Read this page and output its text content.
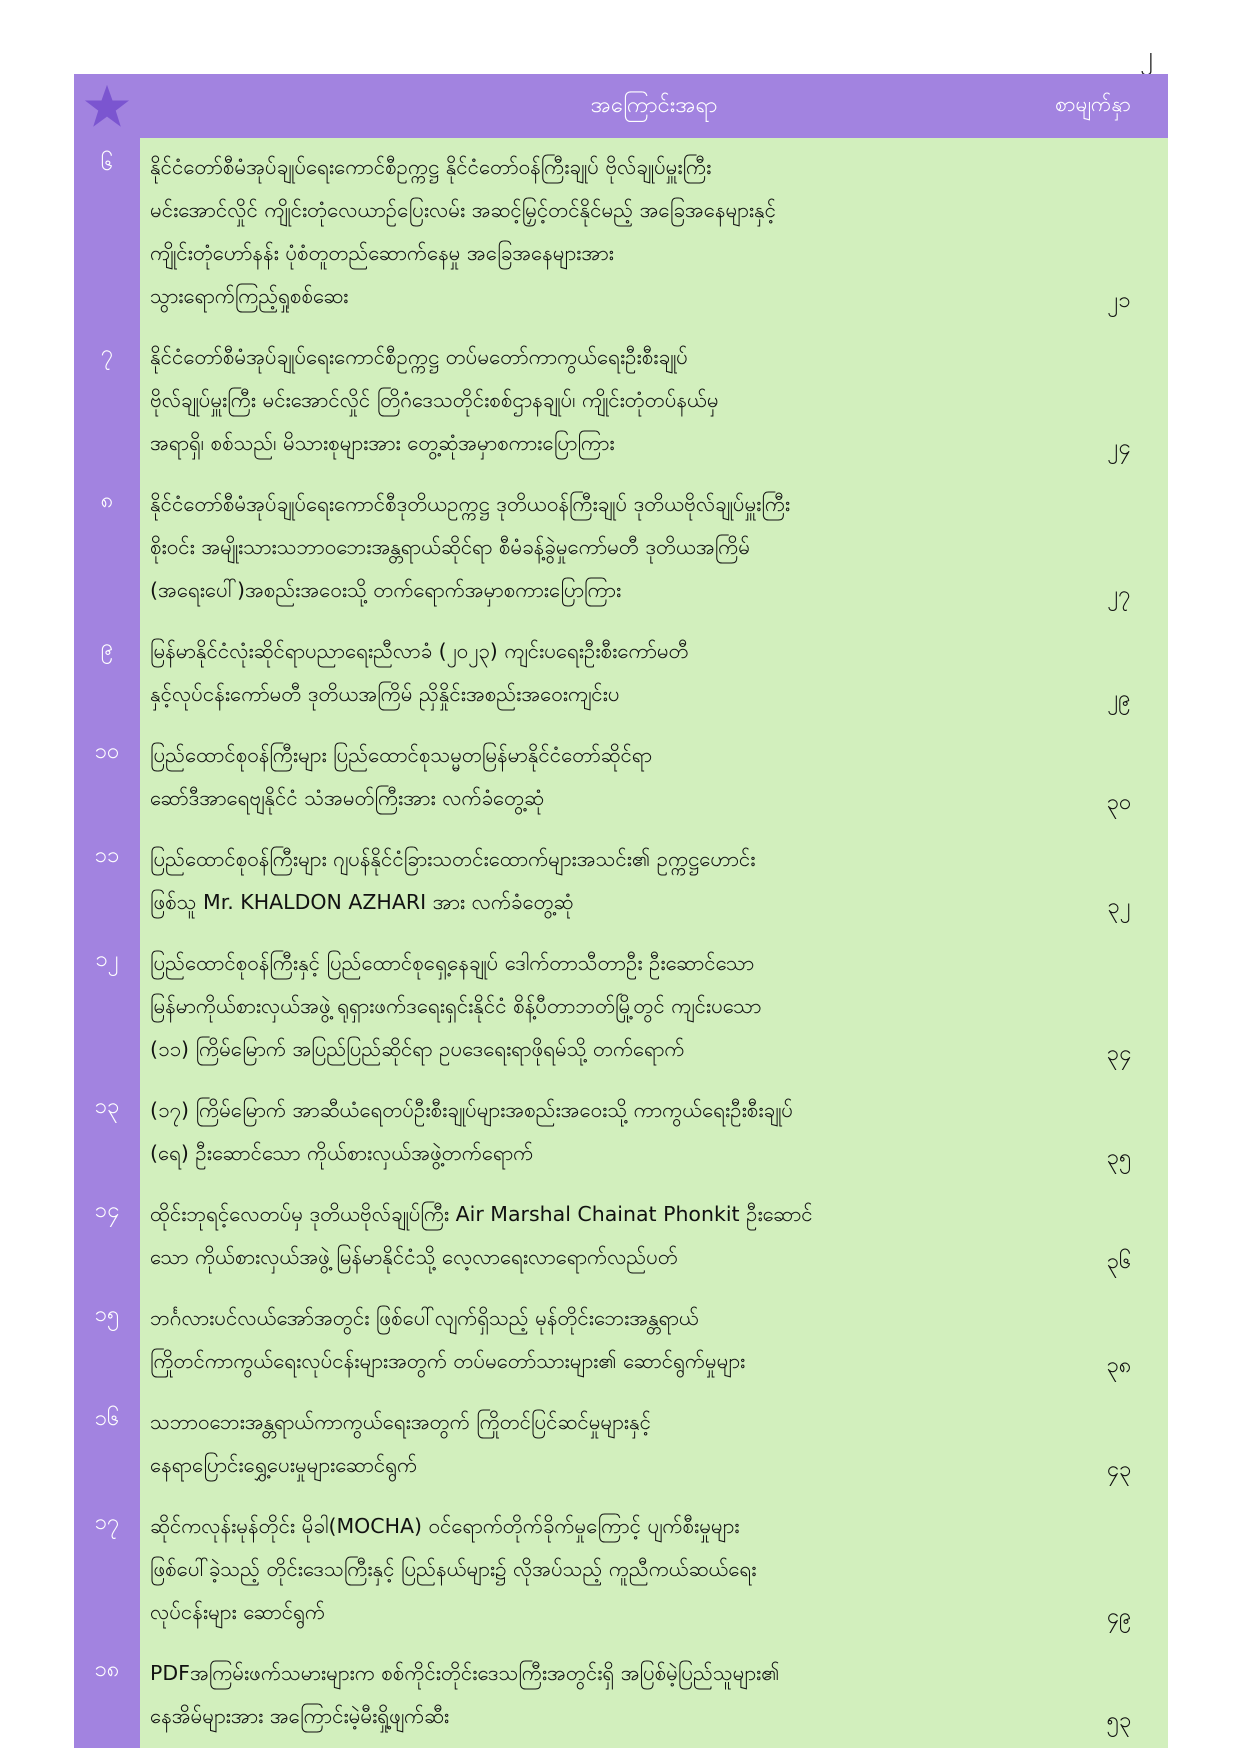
၂
အကြောင်းအရာ	စာမျက်နှာ
၆	နိုင်ငံတော်စီမံအုပ်ချုပ်ရေးကောင်စီဥက္ကဋ္ဌ နိုင်ငံတော်ဝန်ကြီးချုပ် ဗိုလ်ချုပ်မှူးကြီး
မင်းအောင်လှိုင် ကျိုင်းတုံလေယာဉ်ပြေးလမ်း အဆင့်မြှင့်တင်နိုင်မည့် အခြေအနေများနှင့်
ကျိုင်းတုံဟော်နန်း ပုံစံတူတည်ဆောက်နေမှု အခြေအနေများအား
သွားရောက်ကြည့်ရှုစစ်ဆေး	၂၁
၇	နိုင်ငံတော်စီမံအုပ်ချုပ်ရေးကောင်စီဥက္ကဋ္ဌ တပ်မတော်ကာကွယ်ရေးဦးစီးချုပ်
ဗိုလ်ချုပ်မှူးကြီး မင်းအောင်လှိုင် တြိဂံဒေသတိုင်းစစ်ဌာနချုပ်၊ ကျိုင်းတုံတပ်နယ်မှ
အရာရှိ၊ စစ်သည်၊ မိသားစုများအား တွေ့ဆုံအမှာစကားပြောကြား	၂၄
၈	နိုင်ငံတော်စီမံအုပ်ချုပ်ရေးကောင်စီဒုတိယဥက္ကဋ္ဌ ဒုတိယဝန်ကြီးချုပ် ဒုတိယဗိုလ်ချုပ်မှူးကြီး
စိုးဝင်း အမျိုးသားသဘာဝဘေးအန္တရာယ်ဆိုင်ရာ စီမံခန့်ခွဲမှုကော်မတီ ဒုတိယအကြိမ်
(အရေးပေါ်)အစည်းအဝေးသို့ တက်ရောက်အမှာစကားပြောကြား	၂၇
၉	မြန်မာနိုင်ငံလုံးဆိုင်ရာပညာရေးညီလာခံ (၂၀၂၃) ကျင်းပရေးဦးစီးကော်မတီ
နှင့်လုပ်ငန်းကော်မတီ ဒုတိယအကြိမ် ညှိနှိုင်းအစည်းအဝေးကျင်းပ	၂၉
၁၀	ပြည်ထောင်စုဝန်ကြီးများ ပြည်ထောင်စုသမ္မတမြန်မာနိုင်ငံတော်ဆိုင်ရာ
ဆော်ဒီအာရေဗျနိုင်ငံ သံအမတ်ကြီးအား လက်ခံတွေ့ဆုံ	၃၀
၁၁	ပြည်ထောင်စုဝန်ကြီးများ ဂျပန်နိုင်ငံခြားသတင်းထောက်များအသင်း၏ ဥက္ကဋ္ဌဟောင်း
ဖြစ်သူ Mr. KHALDON AZHARI အား လက်ခံတွေ့ဆုံ	၃၂
၁၂	ပြည်ထောင်စုဝန်ကြီးနှင့် ပြည်ထောင်စုရှေ့နေချုပ် ဒေါက်တာသီတာဦး ဦးဆောင်သော
မြန်မာကိုယ်စားလှယ်အဖွဲ့ ရုရှားဖက်ဒရေးရှင်းနိုင်ငံ စိန့်ပီတာဘတ်မြို့တွင် ကျင်းပသော
(၁၁) ကြိမ်မြောက် အပြည်ပြည်ဆိုင်ရာ ဥပဒေရေးရာဖိုရမ်သို့ တက်ရောက်	၃၄
၁၃	(၁၇) ကြိမ်မြောက် အာဆီယံရေတပ်ဦးစီးချုပ်များအစည်းအဝေးသို့ ကာကွယ်ရေးဦးစီးချုပ်
(ရေ) ဦးဆောင်သော ကိုယ်စားလှယ်အဖွဲ့တက်ရောက်	၃၅
၁၄	ထိုင်းဘုရင့်လေတပ်မှ ဒုတိယဗိုလ်ချုပ်ကြီး Air Marshal Chainat Phonkit ဦးဆောင်
သော ကိုယ်စားလှယ်အဖွဲ့ မြန်မာနိုင်ငံသို့ လေ့လာရေးလာရောက်လည်ပတ်	၃၆
၁၅	ဘင်္ဂလားပင်လယ်အော်အတွင်း ဖြစ်ပေါ်လျက်ရှိသည့် မုန်တိုင်းဘေးအန္တရာယ်
ကြိုတင်ကာကွယ်ရေးလုပ်ငန်းများအတွက် တပ်မတော်သားများ၏ ဆောင်ရွက်မှုများ	၃၈
၁၆	သဘာဝဘေးအန္တရာယ်ကာကွယ်ရေးအတွက် ကြိုတင်ပြင်ဆင်မှုများနှင့်
နေရာပြောင်းရွှေ့ပေးမှုများဆောင်ရွက်	၄၃
၁၇	ဆိုင်ကလုန်းမုန်တိုင်း မိုခါ(MOCHA) ဝင်ရောက်တိုက်ခိုက်မှုကြောင့် ပျက်စီးမှုများ
ဖြစ်ပေါ်ခဲ့သည့် တိုင်းဒေသကြီးနှင့် ပြည်နယ်များ၌ လိုအပ်သည့် ကူညီကယ်ဆယ်ရေး
လုပ်ငန်းများ ဆောင်ရွက်	၄၉
၁၈	PDFအကြမ်းဖက်သမားများက စစ်ကိုင်းတိုင်းဒေသကြီးအတွင်းရှိ အပြစ်မဲ့ပြည်သူများ၏
နေအိမ်များအား အကြောင်းမဲ့မီးရှို့ဖျက်ဆီး	၅၃
